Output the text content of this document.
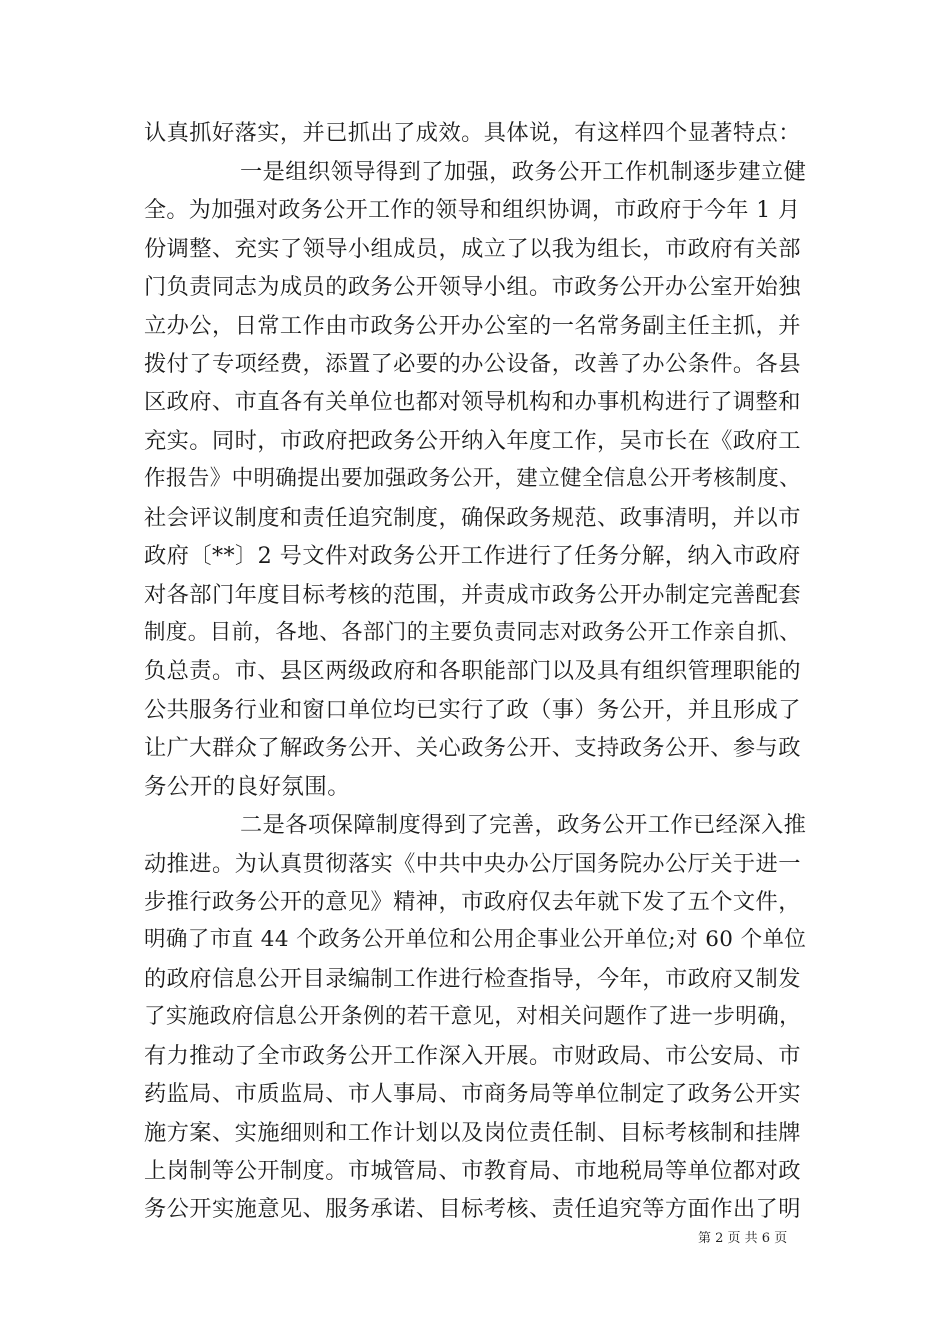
认真抓好落实，并已抓出了成效。具体说，有这样四个显著特点：
一是组织领导得到了加强，政务公开工作机制逐步建立健
全。为加强对政务公开工作的领导和组织协调，市政府于今年 1 月
份调整、充实了领导小组成员，成立了以我为组长，市政府有关部
门负责同志为成员的政务公开领导小组。市政务公开办公室开始独
立办公，日常工作由市政务公开办公室的一名常务副主任主抓，并
拨付了专项经费，添置了必要的办公设备，改善了办公条件。各县
区政府、市直各有关单位也都对领导机构和办事机构进行了调整和
充实。同时，市政府把政务公开纳入年度工作，吴市长在《政府工
作报告》中明确提出要加强政务公开，建立健全信息公开考核制度、
社会评议制度和责任追究制度，确保政务规范、政事清明，并以市
政府〔**〕2 号文件对政务公开工作进行了任务分解，纳入市政府
对各部门年度目标考核的范围，并责成市政务公开办制定完善配套
制度。目前，各地、各部门的主要负责同志对政务公开工作亲自抓、
负总责。市、县区两级政府和各职能部门以及具有组织管理职能的
公共服务行业和窗口单位均已实行了政（事）务公开，并且形成了
让广大群众了解政务公开、关心政务公开、支持政务公开、参与政
务公开的良好氛围。
二是各项保障制度得到了完善，政务公开工作已经深入推
动推进。为认真贯彻落实《中共中央办公厅国务院办公厅关于进一
步推行政务公开的意见》精神，市政府仅去年就下发了五个文件，
明确了市直 44 个政务公开单位和公用企事业公开单位;对 60 个单位
的政府信息公开目录编制工作进行检查指导，今年，市政府又制发
了实施政府信息公开条例的若干意见，对相关问题作了进一步明确，
有力推动了全市政务公开工作深入开展。市财政局、市公安局、市
药监局、市质监局、市人事局、市商务局等单位制定了政务公开实
施方案、实施细则和工作计划以及岗位责任制、目标考核制和挂牌
上岗制等公开制度。市城管局、市教育局、市地税局等单位都对政
务公开实施意见、服务承诺、目标考核、责任追究等方面作出了明
第 2 页 共 6 页
